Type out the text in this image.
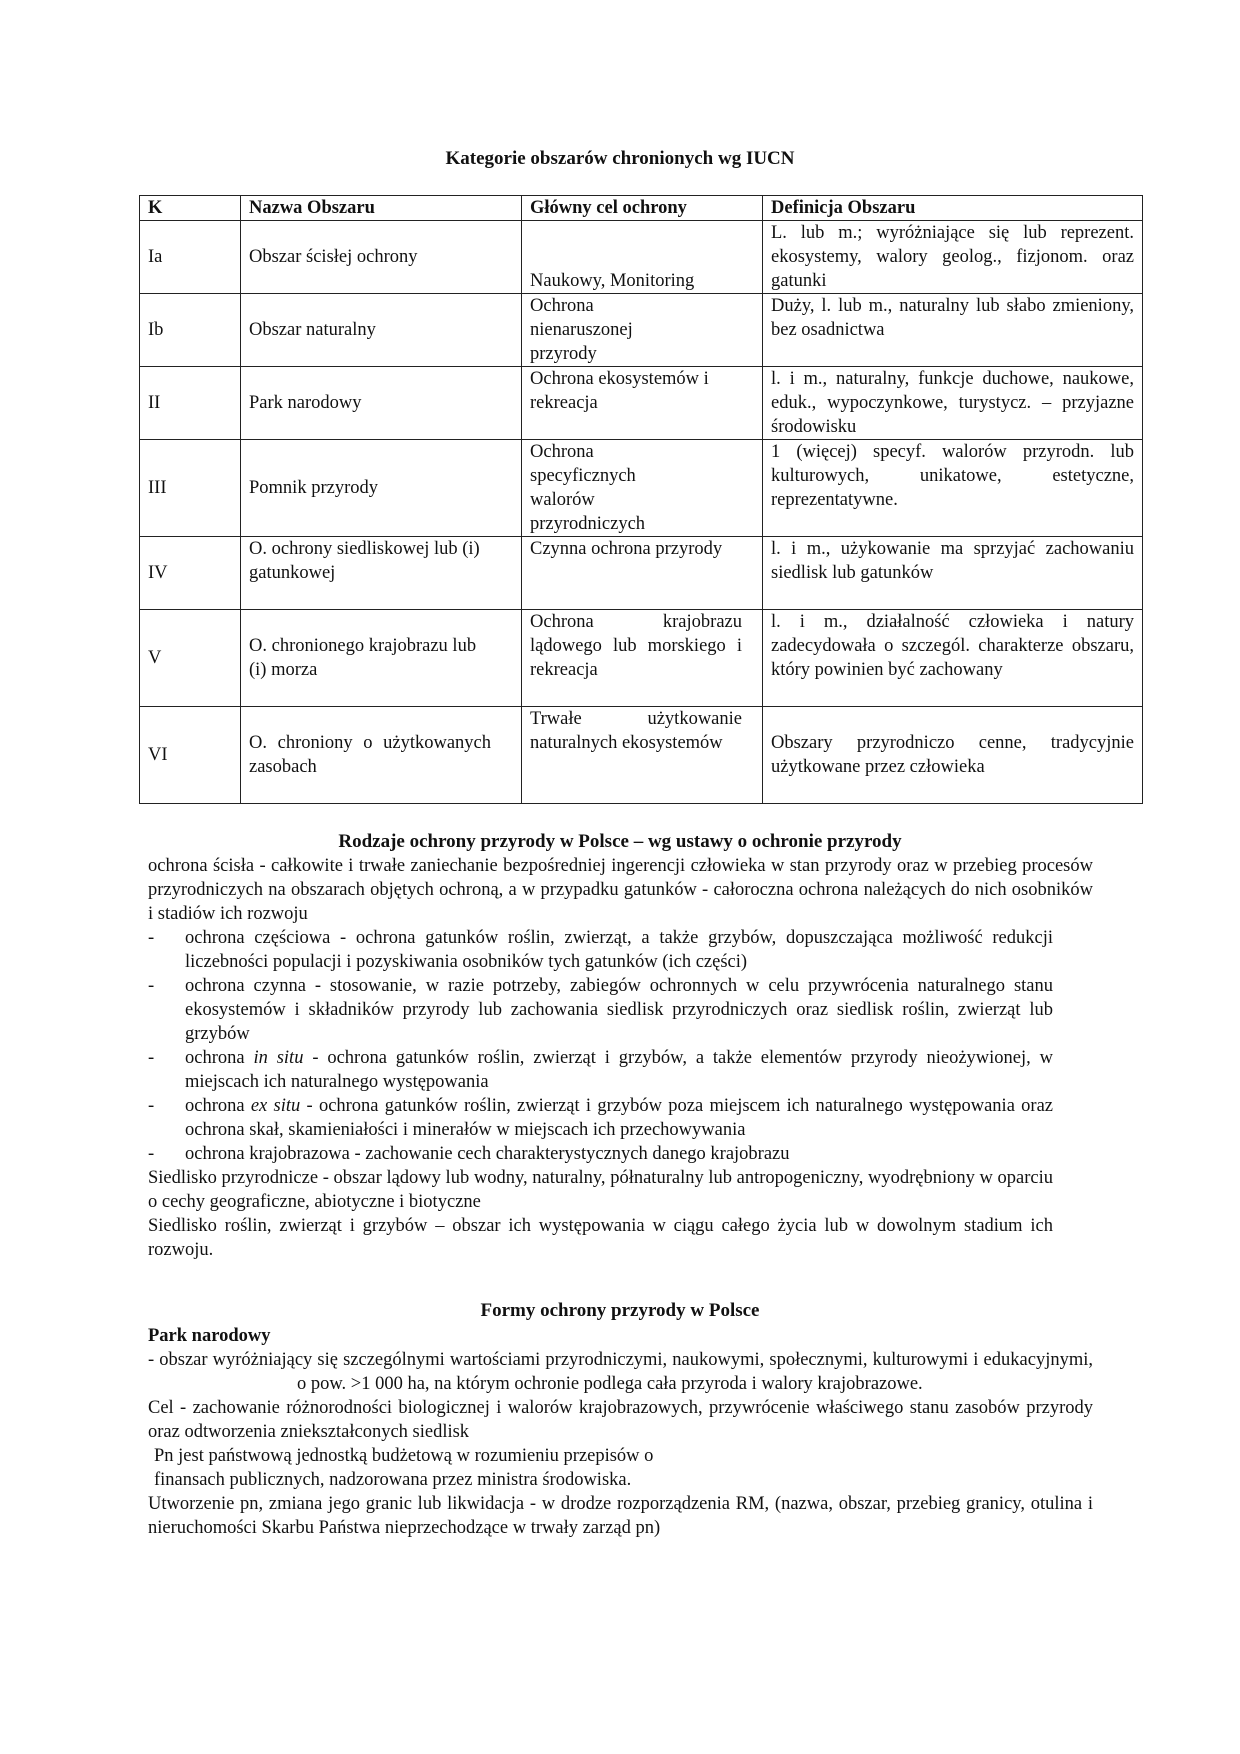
Kategorie obszarów chronionych wg IUCN
K	Nazwa Obszaru	Główny cel ochrony	Definicja Obszaru
Ia	Obszar ścisłej ochrony	Naukowy, Monitoring	L. lub m.; wyróżniające się lub reprezent. ekosystemy, walory geolog., fizjonom. oraz gatunki
Ib	Obszar naturalny	Ochrona nienaruszonej przyrody	Duży, l. lub m., naturalny lub słabo zmieniony, bez osadnictwa
II	Park narodowy	Ochrona ekosystemów i rekreacja	l. i m., naturalny, funkcje duchowe, naukowe, eduk., wypoczynkowe, turystycz. – przyjazne środowisku
III	Pomnik przyrody	Ochrona specyficznych walorów przyrodniczych	1 (więcej) specyf. walorów przyrodn. lub kulturowych, unikatowe, estetyczne, reprezentatywne.
IV	O. ochrony siedliskowej lub (i) gatunkowej	Czynna ochrona przyrody	l. i m., użykowanie ma sprzyjać zachowaniu siedlisk lub gatunków
V	O. chronionego krajobrazu lub (i) morza	Ochrona krajobrazu lądowego lub morskiego i rekreacja	l. i m., działalność człowieka i natury zadecydowała o szczegól. charakterze obszaru, który powinien być zachowany
VI	O. chroniony o użytkowanych zasobach	Trwałe użytkowanie naturalnych ekosystemów	Obszary przyrodniczo cenne, tradycyjnie użytkowane przez człowieka
Rodzaje ochrony przyrody w Polsce – wg ustawy o ochronie przyrody

ochrona ścisła - całkowite i trwałe zaniechanie bezpośredniej ingerencji człowieka w stan przyrody oraz w przebieg procesów przyrodniczych na obszarach objętych ochroną, a w przypadku gatunków - całoroczna ochrona należących do nich osobników i stadiów ich rozwoju

- ochrona częściowa - ochrona gatunków roślin, zwierząt, a także grzybów, dopuszczająca możliwość redukcji liczebności populacji i pozyskiwania osobników tych gatunków (ich części)

- ochrona czynna - stosowanie, w razie potrzeby, zabiegów ochronnych w celu przywrócenia naturalnego stanu ekosystemów i składników przyrody lub zachowania siedlisk przyrodniczych oraz siedlisk roślin, zwierząt lub grzybów

- ochrona in situ - ochrona gatunków roślin, zwierząt i grzybów, a także elementów przyrody nieożywionej, w miejscach ich naturalnego występowania

- ochrona ex situ - ochrona gatunków roślin, zwierząt i grzybów poza miejscem ich naturalnego występowania oraz ochrona skał, skamieniałości i minerałów w miejscach ich przechowywania

- ochrona krajobrazowa - zachowanie cech charakterystycznych danego krajobrazu

Siedlisko przyrodnicze - obszar lądowy lub wodny, naturalny, półnaturalny lub antropogeniczny, wyodrębniony w oparciu o cechy geograficzne, abiotyczne i biotyczne

Siedlisko roślin, zwierząt i grzybów – obszar ich występowania w ciągu całego życia lub w dowolnym stadium ich rozwoju.

Formy ochrony przyrody w Polsce

Park narodowy

- obszar wyróżniający się szczególnymi wartościami przyrodniczymi, naukowymi, społecznymi, kulturowymi i edukacyjnymi, o pow. >1 000 ha, na którym ochronie podlega cała przyroda i walory krajobrazowe.

Cel - zachowanie różnorodności biologicznej i walorów krajobrazowych, przywrócenie właściwego stanu zasobów przyrody oraz odtworzenia zniekształconych siedlisk

Pn jest państwową jednostką budżetową w rozumieniu przepisów o

finansach publicznych, nadzorowana przez ministra środowiska.

Utworzenie pn, zmiana jego granic lub likwidacja - w drodze rozporządzenia RM, (nazwa, obszar, przebieg granicy, otulina i nieruchomości Skarbu Państwa nieprzechodzące w trwały zarząd pn)
